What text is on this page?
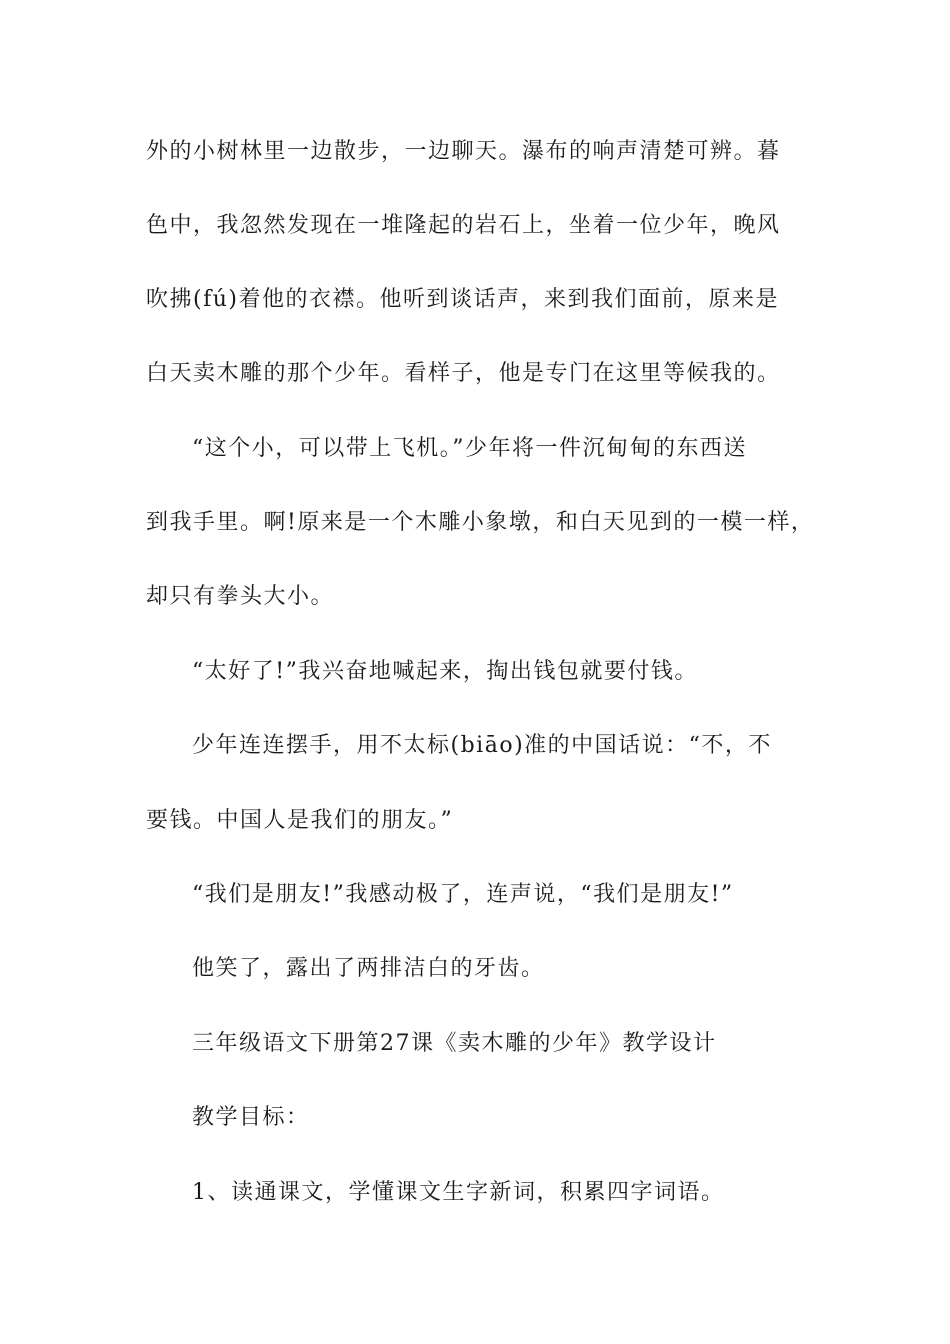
外的小树林里一边散步，一边聊天。瀑布的响声清楚可辨。暮
色中，我忽然发现在一堆隆起的岩石上，坐着一位少年，晚风
吹拂(fú)着他的衣襟。他听到谈话声，来到我们面前，原来是
白天卖木雕的那个少年。看样子，他是专门在这里等候我的。
“这个小，可以带上飞机。”少年将一件沉甸甸的东西送
到我手里。啊!原来是一个木雕小象墩，和白天见到的一模一样，
却只有拳头大小。
“太好了!”我兴奋地喊起来，掏出钱包就要付钱。
少年连连摆手，用不太标(biāo)准的中国话说：“不，不
要钱。中国人是我们的朋友。”
“我们是朋友!”我感动极了，连声说，“我们是朋友!”
他笑了，露出了两排洁白的牙齿。
三年级语文下册第27课《卖木雕的少年》教学设计
教学目标：
1、读通课文，学懂课文生字新词，积累四字词语。
